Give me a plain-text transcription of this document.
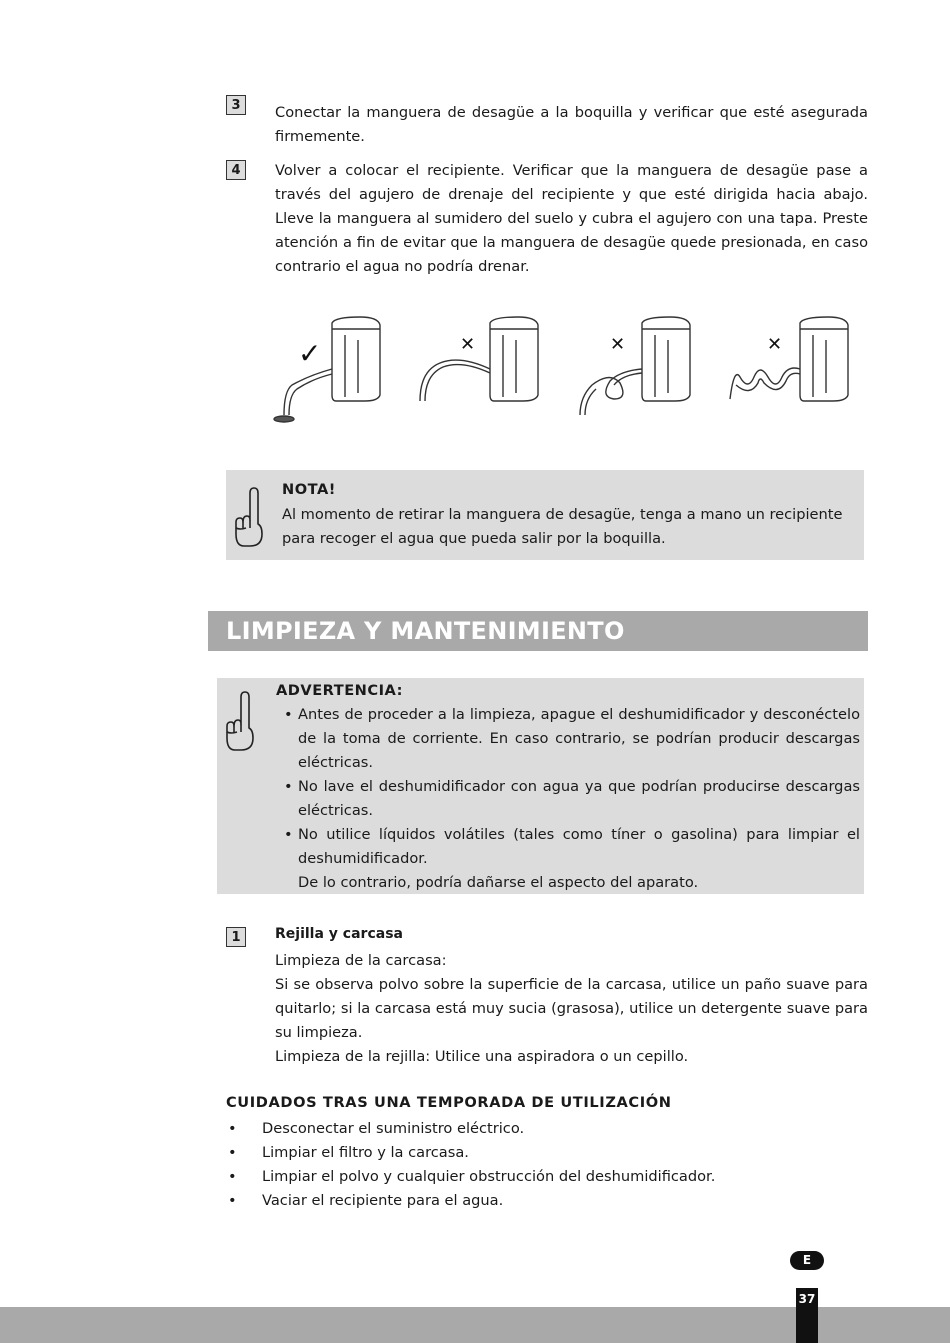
3	Conectar la manguera de desagüe a la boquilla y verificar que esté asegurada firmemente.

4	Volver a colocar el recipiente. Verificar que la manguera de desagüe pase a través del agujero de drenaje del recipiente y que esté dirigida hacia abajo. Lleve la manguera al sumidero del suelo y cubra el agujero con una tapa. Preste atención a fin de evitar que la manguera de desagüe quede presionada, en caso contrario el agua no podría drenar.

✓	✕	✕	✕
NOTA!
Al momento de retirar la manguera de desagüe, tenga a mano un recipiente para recoger el agua que pueda salir por la boquilla.
LIMPIEZA Y MANTENIMIENTO
ADVERTENCIA:
• Antes de proceder a la limpieza, apague el deshumidificador y desconéctelo de la toma de corriente. En caso contrario, se podrían producir descargas eléctricas.
• No lave el deshumidificador con agua ya que podrían producirse descargas eléctricas.
• No utilice líquidos volátiles (tales como tíner o gasolina) para limpiar el deshumidificador.
De lo contrario, podría dañarse el aspecto del aparato.
1	Rejilla y carcasa
Limpieza de la carcasa:
Si se observa polvo sobre la superficie de la carcasa, utilice un paño suave para quitarlo; si la carcasa está muy sucia (grasosa), utilice un detergente suave para su limpieza.
Limpieza de la rejilla: Utilice una aspiradora o un cepillo.
CUIDADOS TRAS UNA TEMPORADA DE UTILIZACIÓN
• Desconectar el suministro eléctrico.
• Limpiar el filtro y la carcasa.
• Limpiar el polvo y cualquier obstrucción del deshumidificador.
• Vaciar el recipiente para el agua.
E
37
